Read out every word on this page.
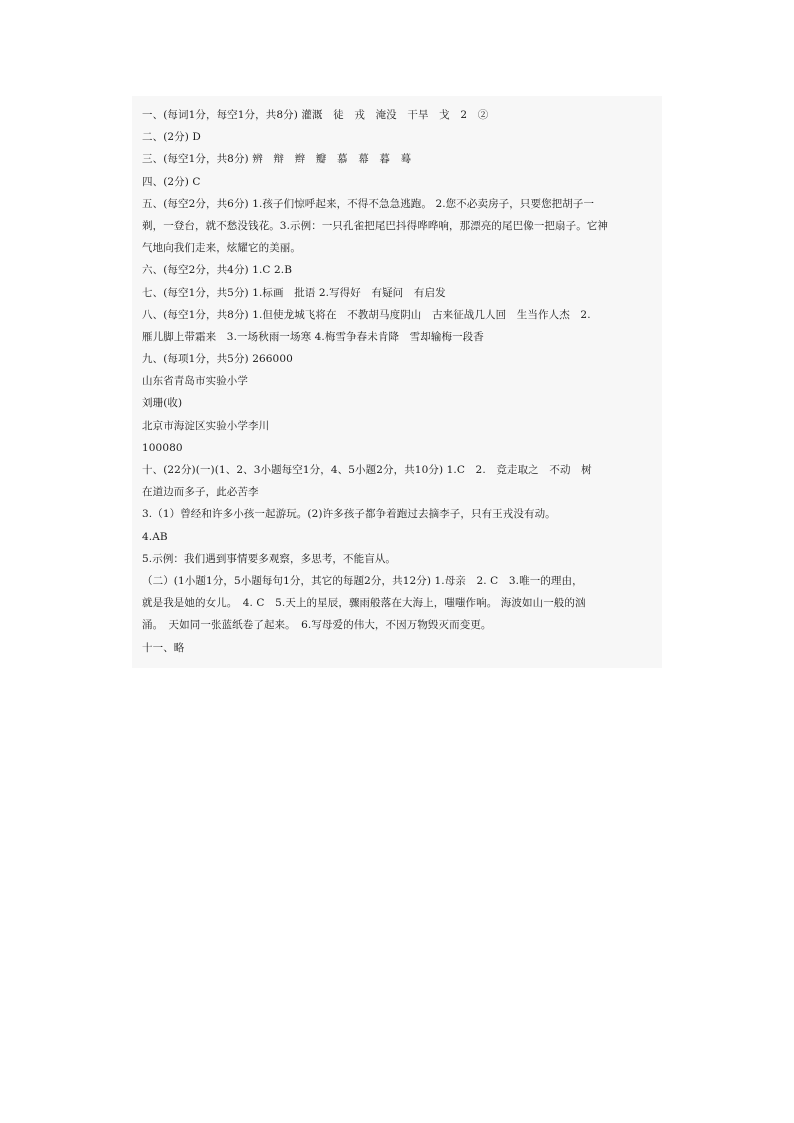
一、(每词1分，每空1分，共8分) 灌溉　徒　戎　淹没　干旱　戈　2　②
二、(2分) D
三、(每空1分，共8分) 辨　辩　辫　瓣　慕　幕　暮　蓦
四、(2分) C
五、(每空2分，共6分) 1.孩子们惊呼起来，不得不急急逃跑。 2.您不必卖房子，只要您把胡子一
剃，一登台，就不愁没钱花。3.示例：一只孔雀把尾巴抖得哗哗响，那漂亮的尾巴像一把扇子。它神
气地向我们走来，炫耀它的美丽。
六、(每空2分，共4分) 1.C 2.B
七、(每空1分，共5分) 1.标画　批语 2.写得好　有疑问　有启发
八、(每空1分，共8分) 1.但使龙城飞将在　不教胡马度阴山　古来征战几人回　生当作人杰　2.
雁儿脚上带霜来　3.一场秋雨一场寒 4.梅雪争春未肯降　雪却输梅一段香
九、(每项1分，共5分) 266000
山东省青岛市实验小学
刘珊(收)
北京市海淀区实验小学李川
100080
十、(22分)(一)(1、2、3小题每空1分，4、5小题2分，共10分) 1.C　2.　竞走取之　不动　树
在道边而多子，此必苦李
3.（1）曾经和许多小孩一起游玩。(2)许多孩子都争着跑过去摘李子，只有王戎没有动。
4.AB
5.示例：我们遇到事情要多观察，多思考，不能盲从。
（二）(1小题1分，5小题每句1分，其它的每题2分，共12分) 1.母亲　2. C　3.唯一的理由，
就是我是她的女儿。　4. C　5.天上的星辰，骤雨般落在大海上，嗤嗤作响。 海波如山一般的汹
涌。　天如同一张蓝纸卷了起来。　6.写母爱的伟大，不因万物毁灭而变更。
十一、略
